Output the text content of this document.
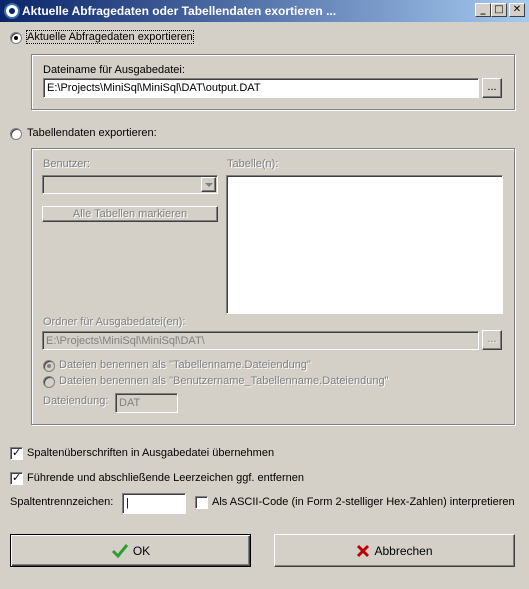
Aktuelle Abfragedaten oder Tabellendaten exortieren ...	_ □ ✕
Aktuelle Abfragedaten exportieren
Dateiname für Ausgabedatei:
E:\Projects\MiniSql\MiniSql\DAT\output.DAT	...
Tabellendaten exportieren:
Benutzer:	Tabelle(n):
Alle Tabellen markieren
Ordner für Ausgabedatei(en):
E:\Projects\MiniSql\MiniSql\DAT\	...
Dateien benennen als "Tabellenname.Dateiendung"
Dateien benennen als "Benutzername_Tabellenname.Dateiendung"
Dateiendung: DAT
✓
Spaltenüberschriften in Ausgabedatei übernehmen
✓
Führende und abschließende Leerzeichen ggf. entfernen
Spaltentrennzeichen: |	Als ASCII-Code (in Form 2-stelliger Hex-Zahlen) interpretieren
OK	Abbrechen
